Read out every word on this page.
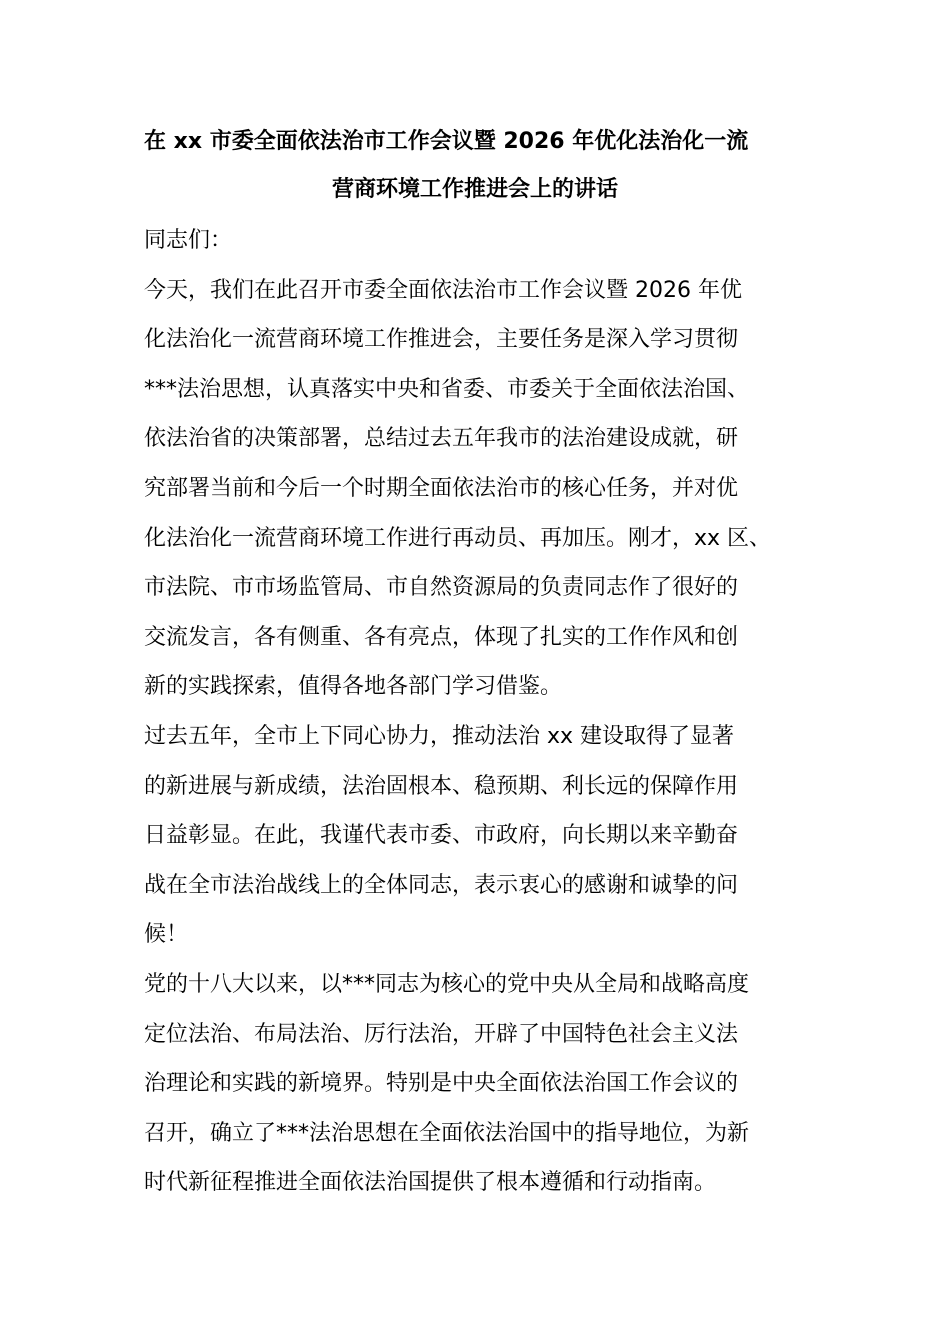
在 xx 市委全面依法治市工作会议暨 2026 年优化法治化一流
营商环境工作推进会上的讲话
同志们：
今天，我们在此召开市委全面依法治市工作会议暨 2026 年优
化法治化一流营商环境工作推进会，主要任务是深入学习贯彻
***法治思想，认真落实中央和省委、市委关于全面依法治国、
依法治省的决策部署，总结过去五年我市的法治建设成就，研
究部署当前和今后一个时期全面依法治市的核心任务，并对优
化法治化一流营商环境工作进行再动员、再加压。刚才，xx 区、
市法院、市市场监管局、市自然资源局的负责同志作了很好的
交流发言，各有侧重、各有亮点，体现了扎实的工作作风和创
新的实践探索，值得各地各部门学习借鉴。
过去五年，全市上下同心协力，推动法治 xx 建设取得了显著
的新进展与新成绩，法治固根本、稳预期、利长远的保障作用
日益彰显。在此，我谨代表市委、市政府，向长期以来辛勤奋
战在全市法治战线上的全体同志，表示衷心的感谢和诚挚的问
候！
党的十八大以来，以***同志为核心的党中央从全局和战略高度
定位法治、布局法治、厉行法治，开辟了中国特色社会主义法
治理论和实践的新境界。特别是中央全面依法治国工作会议的
召开，确立了***法治思想在全面依法治国中的指导地位，为新
时代新征程推进全面依法治国提供了根本遵循和行动指南。
